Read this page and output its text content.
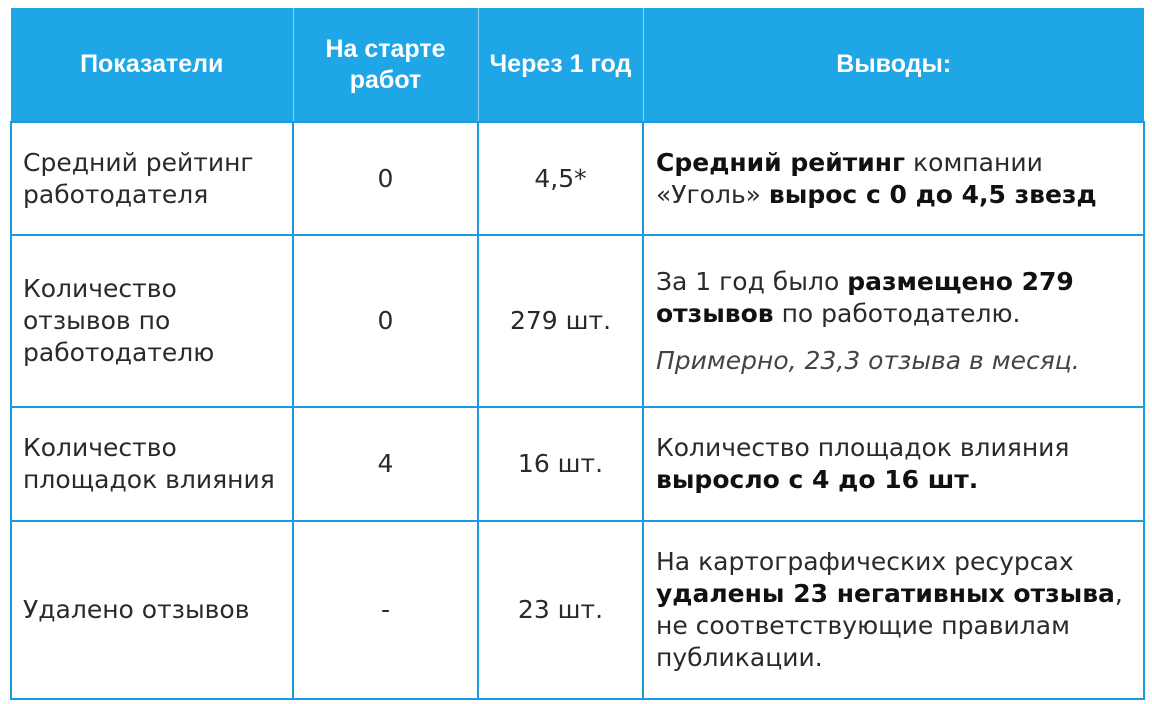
Показатели	На старте работ	Через 1 год	Выводы:
Средний рейтинг работодателя	0	4,5*	Средний рейтинг компании «Уголь» вырос с 0 до 4,5 звезд
Количество отзывов по работодателю	0	279 шт.	За 1 год было размещено 279 отзывов по работодателю.
Примерно, 23,3 отзыва в месяц.

Количество площадок влияния	4	16 шт.	Количество площадок влияния выросло с 4 до 16 шт.
Удалено отзывов	-	23 шт.	На картографических ресурсах удалены 23 негативных отзыва, не соответствующие правилам публикации.
